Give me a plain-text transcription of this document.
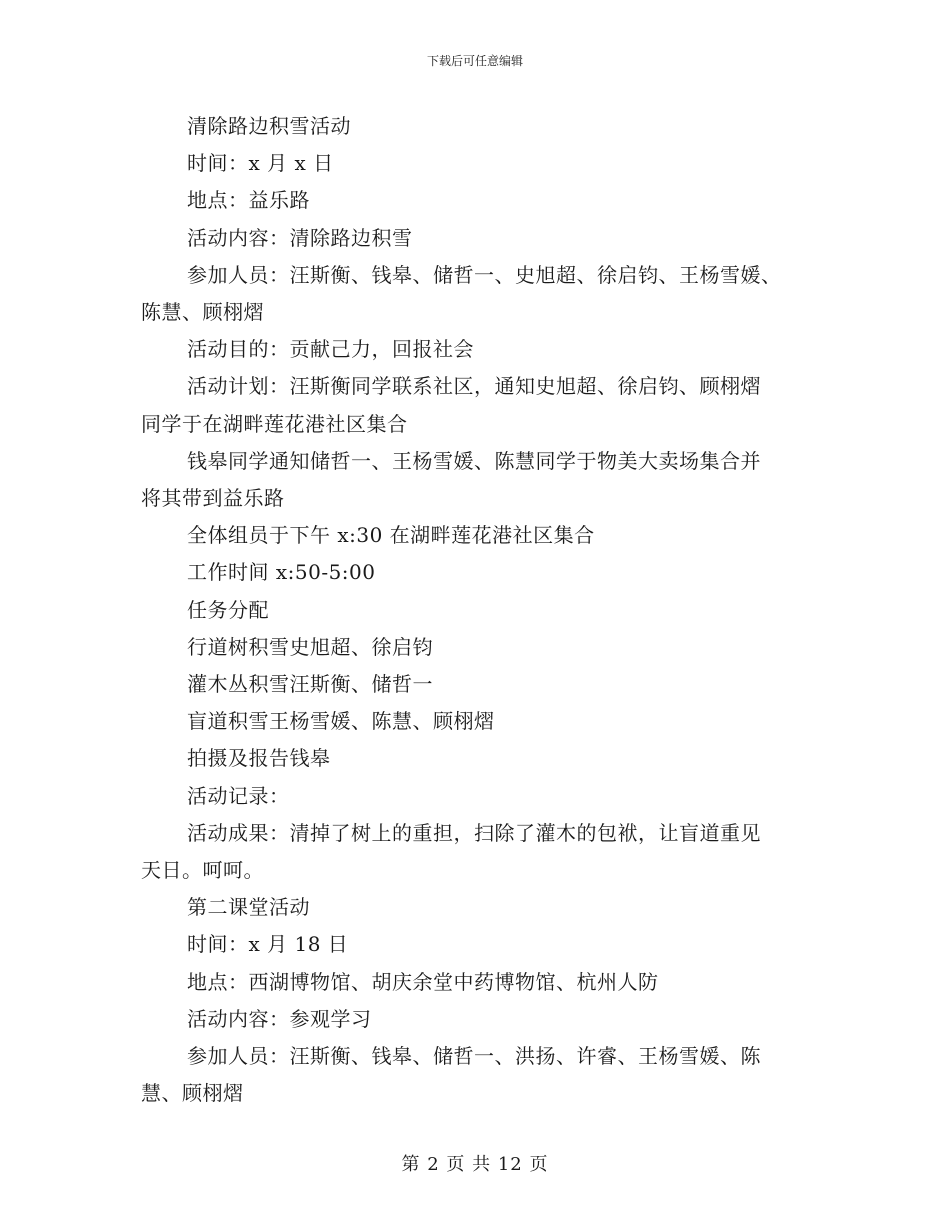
下载后可任意编辑
清除路边积雪活动
时间：x 月 x 日
地点：益乐路
活动内容：清除路边积雪
参加人员：汪斯衡、钱皋、储哲一、史旭超、徐启钧、王杨雪媛、
陈慧、顾栩熠
活动目的：贡献己力，回报社会
活动计划：汪斯衡同学联系社区，通知史旭超、徐启钧、顾栩熠
同学于在湖畔莲花港社区集合
钱皋同学通知储哲一、王杨雪媛、陈慧同学于物美大卖场集合并
将其带到益乐路
全体组员于下午 x:30 在湖畔莲花港社区集合
工作时间 x:50-5:00
任务分配
行道树积雪史旭超、徐启钧
灌木丛积雪汪斯衡、储哲一
盲道积雪王杨雪媛、陈慧、顾栩熠
拍摄及报告钱皋
活动记录：
活动成果：清掉了树上的重担，扫除了灌木的包袱，让盲道重见
天日。呵呵。
第二课堂活动
时间：x 月 18 日
地点：西湖博物馆、胡庆余堂中药博物馆、杭州人防
活动内容：参观学习
参加人员：汪斯衡、钱皋、储哲一、洪扬、许睿、王杨雪媛、陈
慧、顾栩熠
第 2 页 共 12 页
